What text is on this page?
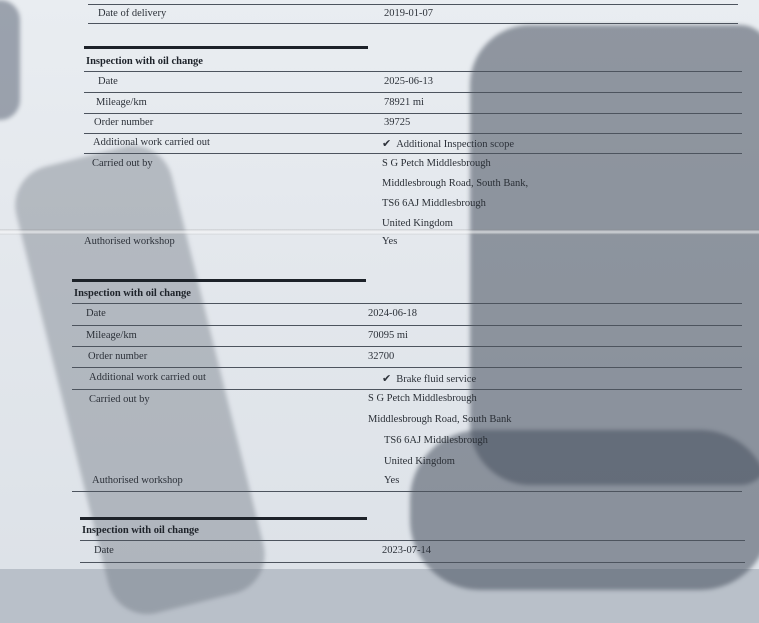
Date of delivery	2019-01-07
Inspection with oil change
Date	2025-06-13
Mileage/km	78921 mi
Order number	39725
Additional work carried out	✔ Additional Inspection scope
Carried out by	S G Petch Middlesbrough
Middlesbrough Road, South Bank,
TS6 6AJ Middlesbrough
United Kingdom
Authorised workshop	Yes
Inspection with oil change
Date	2024-06-18
Mileage/km	70095 mi
Order number	32700
Additional work carried out	✔ Brake fluid service
Carried out by	S G Petch Middlesbrough
Middlesbrough Road, South Bank
TS6 6AJ Middlesbrough
United Kingdom
Authorised workshop	Yes
Inspection with oil change
Date	2023-07-14
